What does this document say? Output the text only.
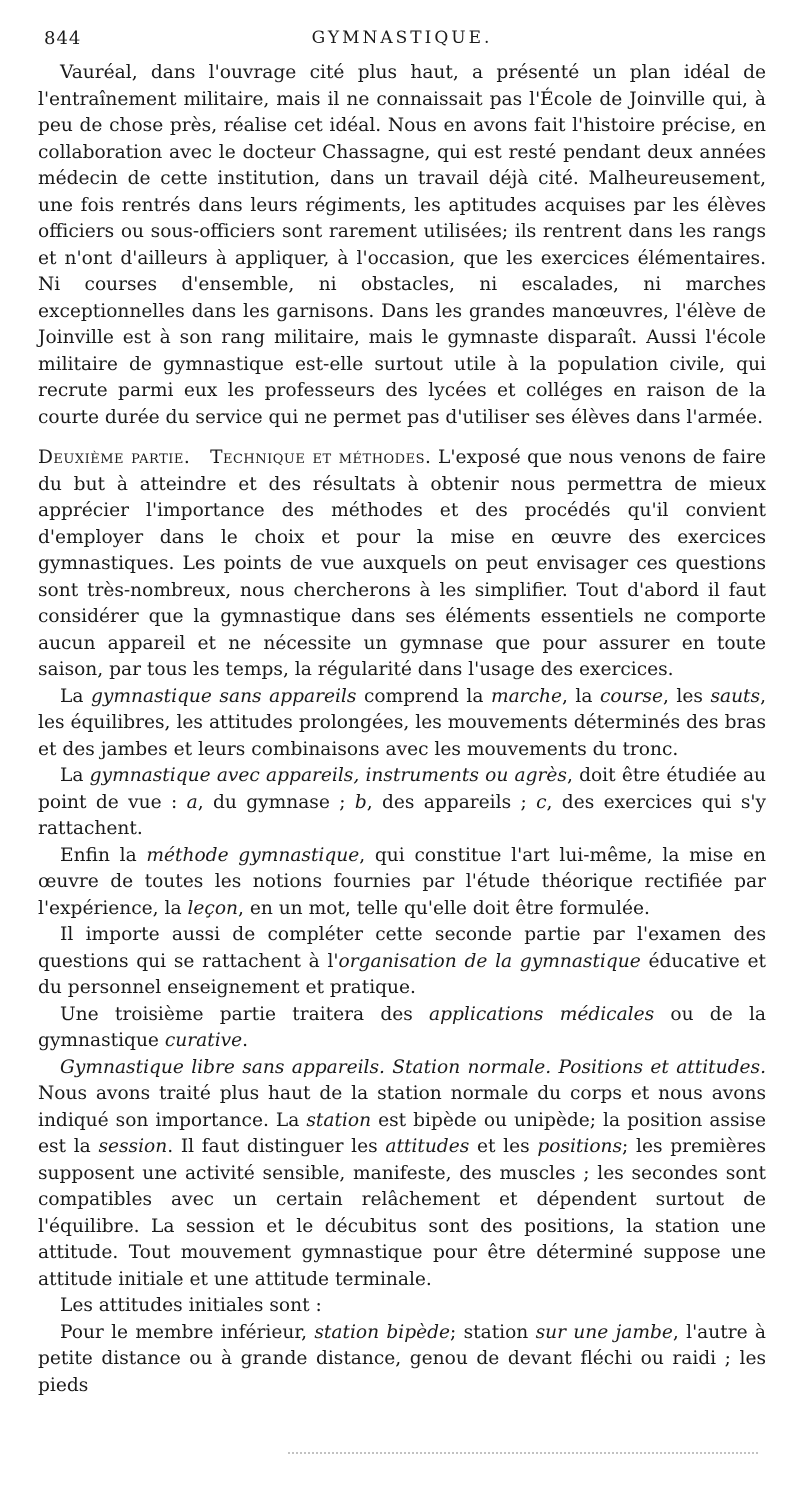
844	GYMNASTIQUE.

Vauréal, dans l'ouvrage cité plus haut, a présenté un plan idéal de l'entraînement militaire, mais il ne connaissait pas l'École de Joinville qui, à peu de chose près, réalise cet idéal. Nous en avons fait l'histoire précise, en collaboration avec le docteur Chassagne, qui est resté pendant deux années médecin de cette institution, dans un travail déjà cité. Malheureusement, une fois rentrés dans leurs régiments, les aptitudes acquises par les élèves officiers ou sous-officiers sont rarement utilisées; ils rentrent dans les rangs et n'ont d'ailleurs à appliquer, à l'occasion, que les exercices élémentaires. Ni courses d'ensemble, ni obstacles, ni escalades, ni marches exceptionnelles dans les garnisons. Dans les grandes manœuvres, l'élève de Joinville est à son rang militaire, mais le gymnaste disparaît. Aussi l'école militaire de gymnastique est-elle surtout utile à la population civile, qui recrute parmi eux les professeurs des lycées et colléges en raison de la courte durée du service qui ne permet pas d'utiliser ses élèves dans l'armée.

Deuxième partie. Technique et méthodes. L'exposé que nous venons de faire du but à atteindre et des résultats à obtenir nous permettra de mieux apprécier l'importance des méthodes et des procédés qu'il convient d'employer dans le choix et pour la mise en œuvre des exercices gymnastiques. Les points de vue auxquels on peut envisager ces questions sont très-nombreux, nous chercherons à les simplifier. Tout d'abord il faut considérer que la gymnastique dans ses éléments essentiels ne comporte aucun appareil et ne nécessite un gymnase que pour assurer en toute saison, par tous les temps, la régularité dans l'usage des exercices.

La gymnastique sans appareils comprend la marche, la course, les sauts, les équilibres, les attitudes prolongées, les mouvements déterminés des bras et des jambes et leurs combinaisons avec les mouvements du tronc.

La gymnastique avec appareils, instruments ou agrès, doit être étudiée au point de vue : a, du gymnase ; b, des appareils ; c, des exercices qui s'y rattachent.

Enfin la méthode gymnastique, qui constitue l'art lui-même, la mise en œuvre de toutes les notions fournies par l'étude théorique rectifiée par l'expérience, la leçon, en un mot, telle qu'elle doit être formulée.

Il importe aussi de compléter cette seconde partie par l'examen des questions qui se rattachent à l'organisation de la gymnastique éducative et du personnel enseignement et pratique.

Une troisième partie traitera des applications médicales ou de la gymnastique curative.

Gymnastique libre sans appareils. Station normale. Positions et attitudes. Nous avons traité plus haut de la station normale du corps et nous avons indiqué son importance. La station est bipède ou unipède; la position assise est la session. Il faut distinguer les attitudes et les positions; les premières supposent une activité sensible, manifeste, des muscles ; les secondes sont compatibles avec un certain relâchement et dépendent surtout de l'équilibre. La session et le décubitus sont des positions, la station une attitude. Tout mouvement gymnastique pour être déterminé suppose une attitude initiale et une attitude terminale.

Les attitudes initiales sont :

Pour le membre inférieur, station bipède; station sur une jambe, l'autre à petite distance ou à grande distance, genou de devant fléchi ou raidi ; les pieds
